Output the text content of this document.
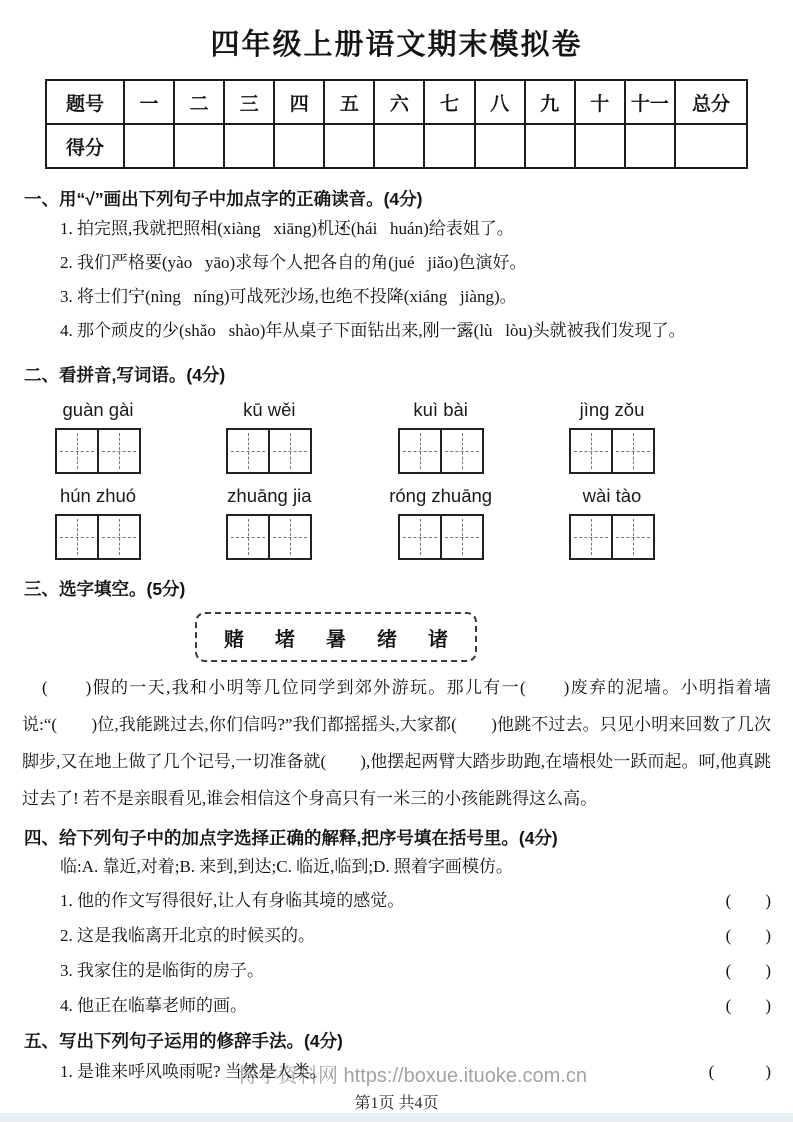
四年级上册语文期末模拟卷
题号	一	二	三	四	五	六	七	八	九	十	十一	总分
得分												
一、用“√”画出下列句子中加点字的正确读音。(4分)
1. 拍完照,我就把照相 •(xiàng   xiāng)机还 •(hái   huán)给表姐了。
2. 我们严格要 •(yào   yāo)求每个人把各自的角 •(jué   jiǎo)色演好。
3. 将士们宁 •(nìng   níng)可战死沙场,也绝不投降 •(xiáng   jiàng)。
4. 那个顽皮的少 •(shǎo   shào)年从桌子下面钻出来,刚一露 •(lù   lòu)头就被我们发现了。
二、看拼音,写词语。(4分)
guàn gài	kū wěi	kuì bài	jìng zǒu
hún zhuó	zhuāng jia	róng zhuāng	wài tào
三、选字填空。(5分)
赌 堵 暑 绪 诸

(　　)假的一天,我和小明等几位同学到郊外游玩。那儿有一(　　)废弃的泥墙。小明指着墙说:“(　　)位,我能跳过去,你们信吗?”我们都摇摇头,大家都(　　)他跳不过去。只见小明来回数了几次脚步,又在地上做了几个记号,一切准备就(　　),他摆起两臂大踏步助跑,在墙根处一跃而起。呵,他真跳过去了! 若不是亲眼看见,谁会相信这个身高只有一米三的小孩能跳得这么高。

四、给下列句子中的加点字选择正确的解释,把序号填在括号里。(4分)
临:A. 靠近,对着;B. 来到,到达;C. 临近,临到;D. 照着字画模仿。
1. 他的作文写得很好,让人有身临 •其境的感觉。	(　　)
2. 这是我临 •离开北京的时候买的。	(　　)
3. 我家住的是临 •街的房子。	(　　)
4. 他正在临 •摹老师的画。	(　　)
五、写出下列句子运用的修辞手法。(4分)
1. 是谁来呼风唤雨呢? 当然是人类。	(　　　)
博学资料网 https://boxue.ituoke.com.cn
第1页 共4页
